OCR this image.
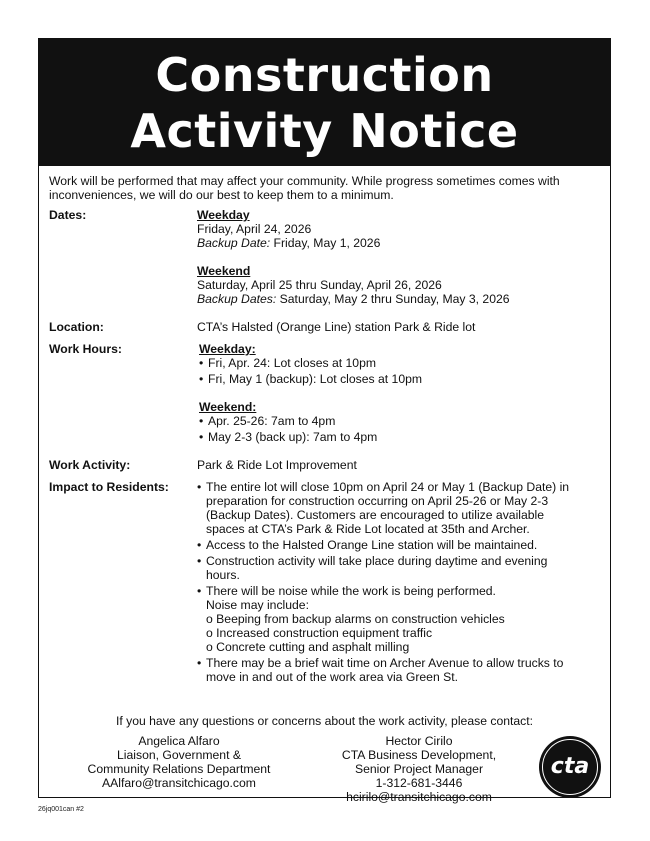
Construction
Activity Notice

Work will be performed that may affect your community. While progress sometimes comes with inconveniences, we will do our best to keep them to a minimum.

Dates:	Weekday
Friday, April 24, 2026
Backup Date: Friday, May 1, 2026
Weekend
Saturday, April 25 thru Sunday, April 26, 2026
Backup Dates: Saturday, May 2 thru Sunday, May 3, 2026
Location:	CTA’s Halsted (Orange Line) station Park & Ride lot
Work Hours:	Weekday:
• Fri, Apr. 24: Lot closes at 10pm
• Fri, May 1 (backup): Lot closes at 10pm
Weekend:
• Apr. 25-26: 7am to 4pm
• May 2-3 (back up): 7am to 4pm
Work Activity:	Park & Ride Lot Improvement
Impact to Residents:	• The entire lot will close 10pm on April 24 or May 1 (Backup Date) in preparation for construction occurring on April 25-26 or May 2-3 (Backup Dates). Customers are encouraged to utilize available spaces at CTA’s Park & Ride Lot located at 35th and Archer.
• Access to the Halsted Orange Line station will be maintained.
• Construction activity will take place during daytime and evening hours.
• There will be noise while the work is being performed.
Noise may include:
o Beeping from backup alarms on construction vehicles
o Increased construction equipment traffic
o Concrete cutting and asphalt milling
• There may be a brief wait time on Archer Avenue to allow trucks to move in and out of the work area via Green St.
If you have any questions or concerns about the work activity, please contact:
Angelica Alfaro
Liaison, Government &
Community Relations Department
AAlfaro@transitchicago.com
Hector Cirilo
CTA Business Development,
Senior Project Manager
1-312-681-3446
hcirilo@transitchicago.com
cta
26jq001can #2
